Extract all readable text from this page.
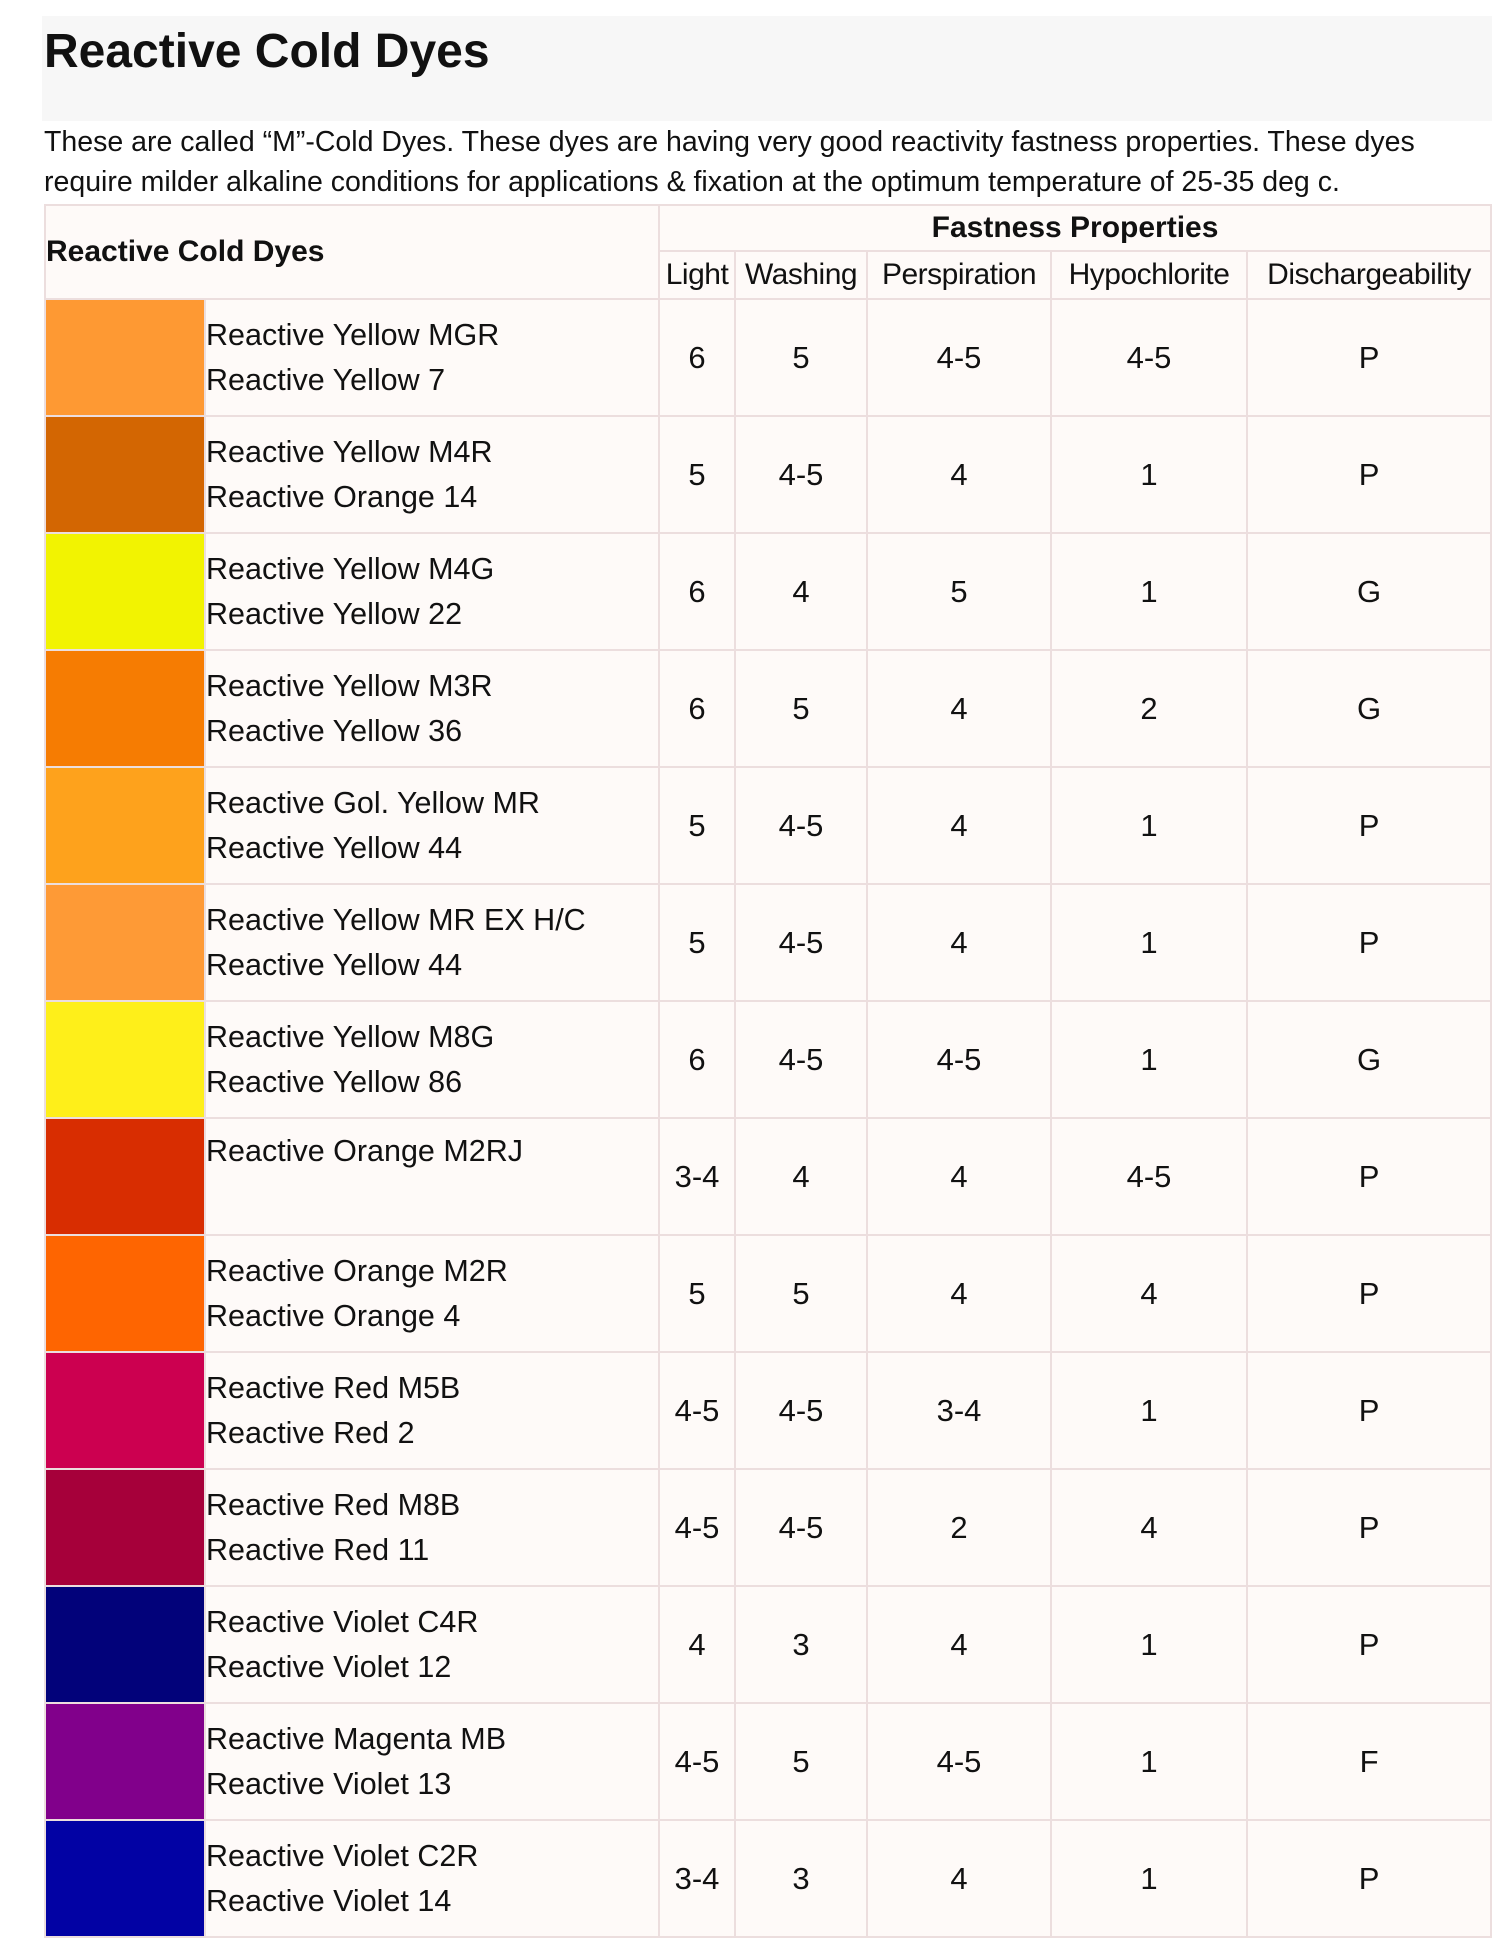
Reactive Cold Dyes

These are called “M”-Cold Dyes. These dyes are having very good reactivity fastness properties. These dyes require milder alkaline conditions for applications & fixation at the optimum temperature of 25-35 deg c.

Reactive Cold Dyes		Fastness Properties				
		Light	Washing	Perspiration	Hypochlorite	Dischargeability

	Reactive Yellow MGR
Reactive Yellow 7	6	5	4-5	4-5	P

	Reactive Yellow M4R
Reactive Orange 14	5	4-5	4	1	P

	Reactive Yellow M4G
Reactive Yellow 22	6	4	5	1	G

	Reactive Yellow M3R
Reactive Yellow 36	6	5	4	2	G

	Reactive Gol. Yellow MR
Reactive Yellow 44	5	4-5	4	1	P

	Reactive Yellow MR EX H/C
Reactive Yellow 44	5	4-5	4	1	P

	Reactive Yellow M8G
Reactive Yellow 86	6	4-5	4-5	1	G

	Reactive Orange M2RJ	3-4	4	4	4-5	P

	Reactive Orange M2R
Reactive Orange 4	5	5	4	4	P

	Reactive Red M5B
Reactive Red 2	4-5	4-5	3-4	1	P

	Reactive Red M8B
Reactive Red 11	4-5	4-5	2	4	P

	Reactive Violet C4R
Reactive Violet 12	4	3	4	1	P

	Reactive Magenta MB
Reactive Violet 13	4-5	5	4-5	1	F

	Reactive Violet C2R
Reactive Violet 14	3-4	3	4	1	P
